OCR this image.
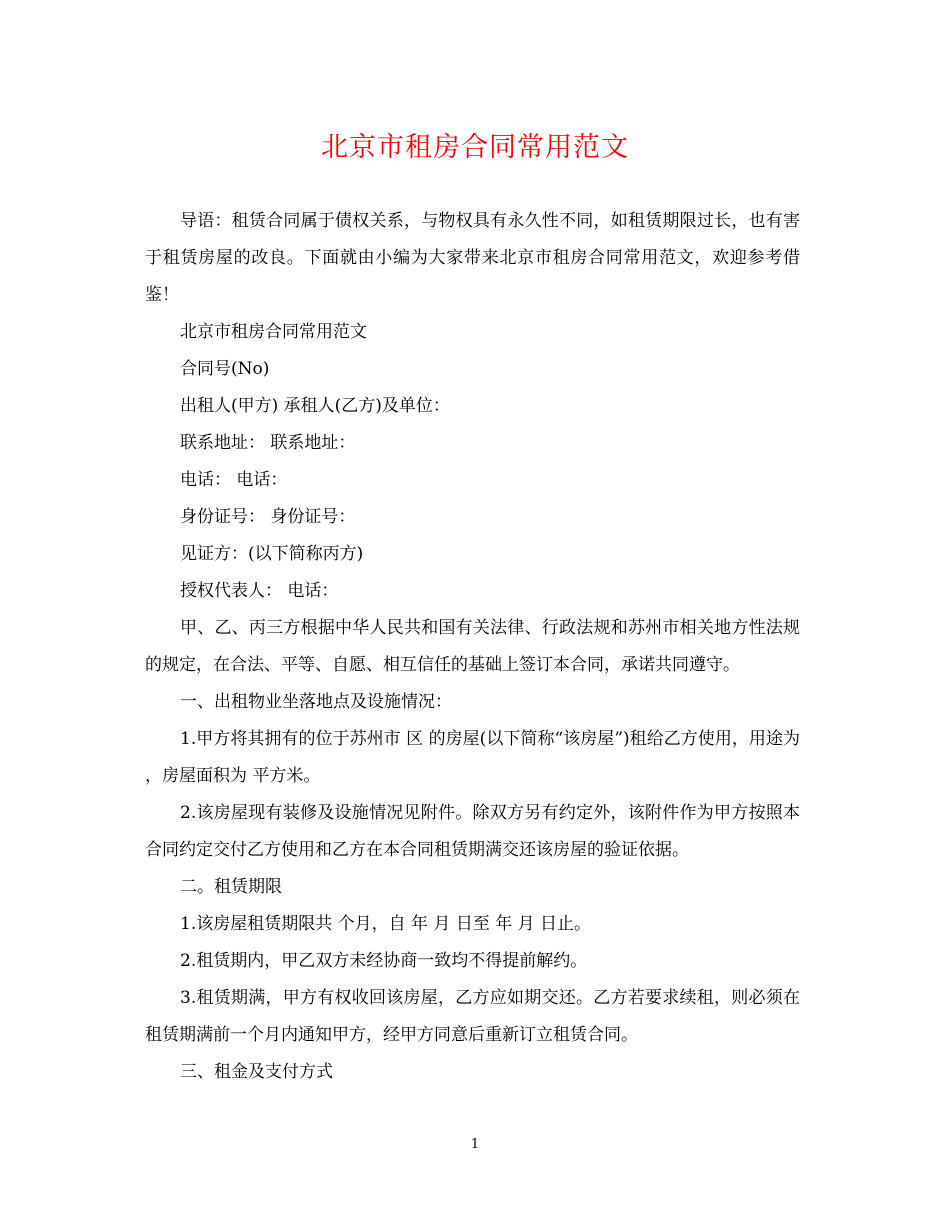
北京市租房合同常用范文

导语：租赁合同属于债权关系，与物权具有永久性不同，如租赁期限过长，也有害于租赁房屋的改良。下面就由小编为大家带来北京市租房合同常用范文，欢迎参考借鉴！

北京市租房合同常用范文

合同号(No)

出租人(甲方) 承租人(乙方)及单位：

联系地址： 联系地址：

电话： 电话：

身份证号： 身份证号：

见证方：(以下简称丙方)

授权代表人： 电话：

甲、乙、丙三方根据中华人民共和国有关法律、行政法规和苏州市相关地方性法规的规定，在合法、平等、自愿、相互信任的基础上签订本合同，承诺共同遵守。

一、出租物业坐落地点及设施情况：

1.甲方将其拥有的位于苏州市 区 的房屋(以下简称“该房屋”)租给乙方使用，用途为 ，房屋面积为 平方米。

2.该房屋现有装修及设施情况见附件。除双方另有约定外，该附件作为甲方按照本合同约定交付乙方使用和乙方在本合同租赁期满交还该房屋的验证依据。

二。租赁期限

1.该房屋租赁期限共 个月，自 年 月 日至 年 月 日止。

2.租赁期内，甲乙双方未经协商一致均不得提前解约。

3.租赁期满，甲方有权收回该房屋，乙方应如期交还。乙方若要求续租，则必须在租赁期满前一个月内通知甲方，经甲方同意后重新订立租赁合同。

三、租金及支付方式

1
